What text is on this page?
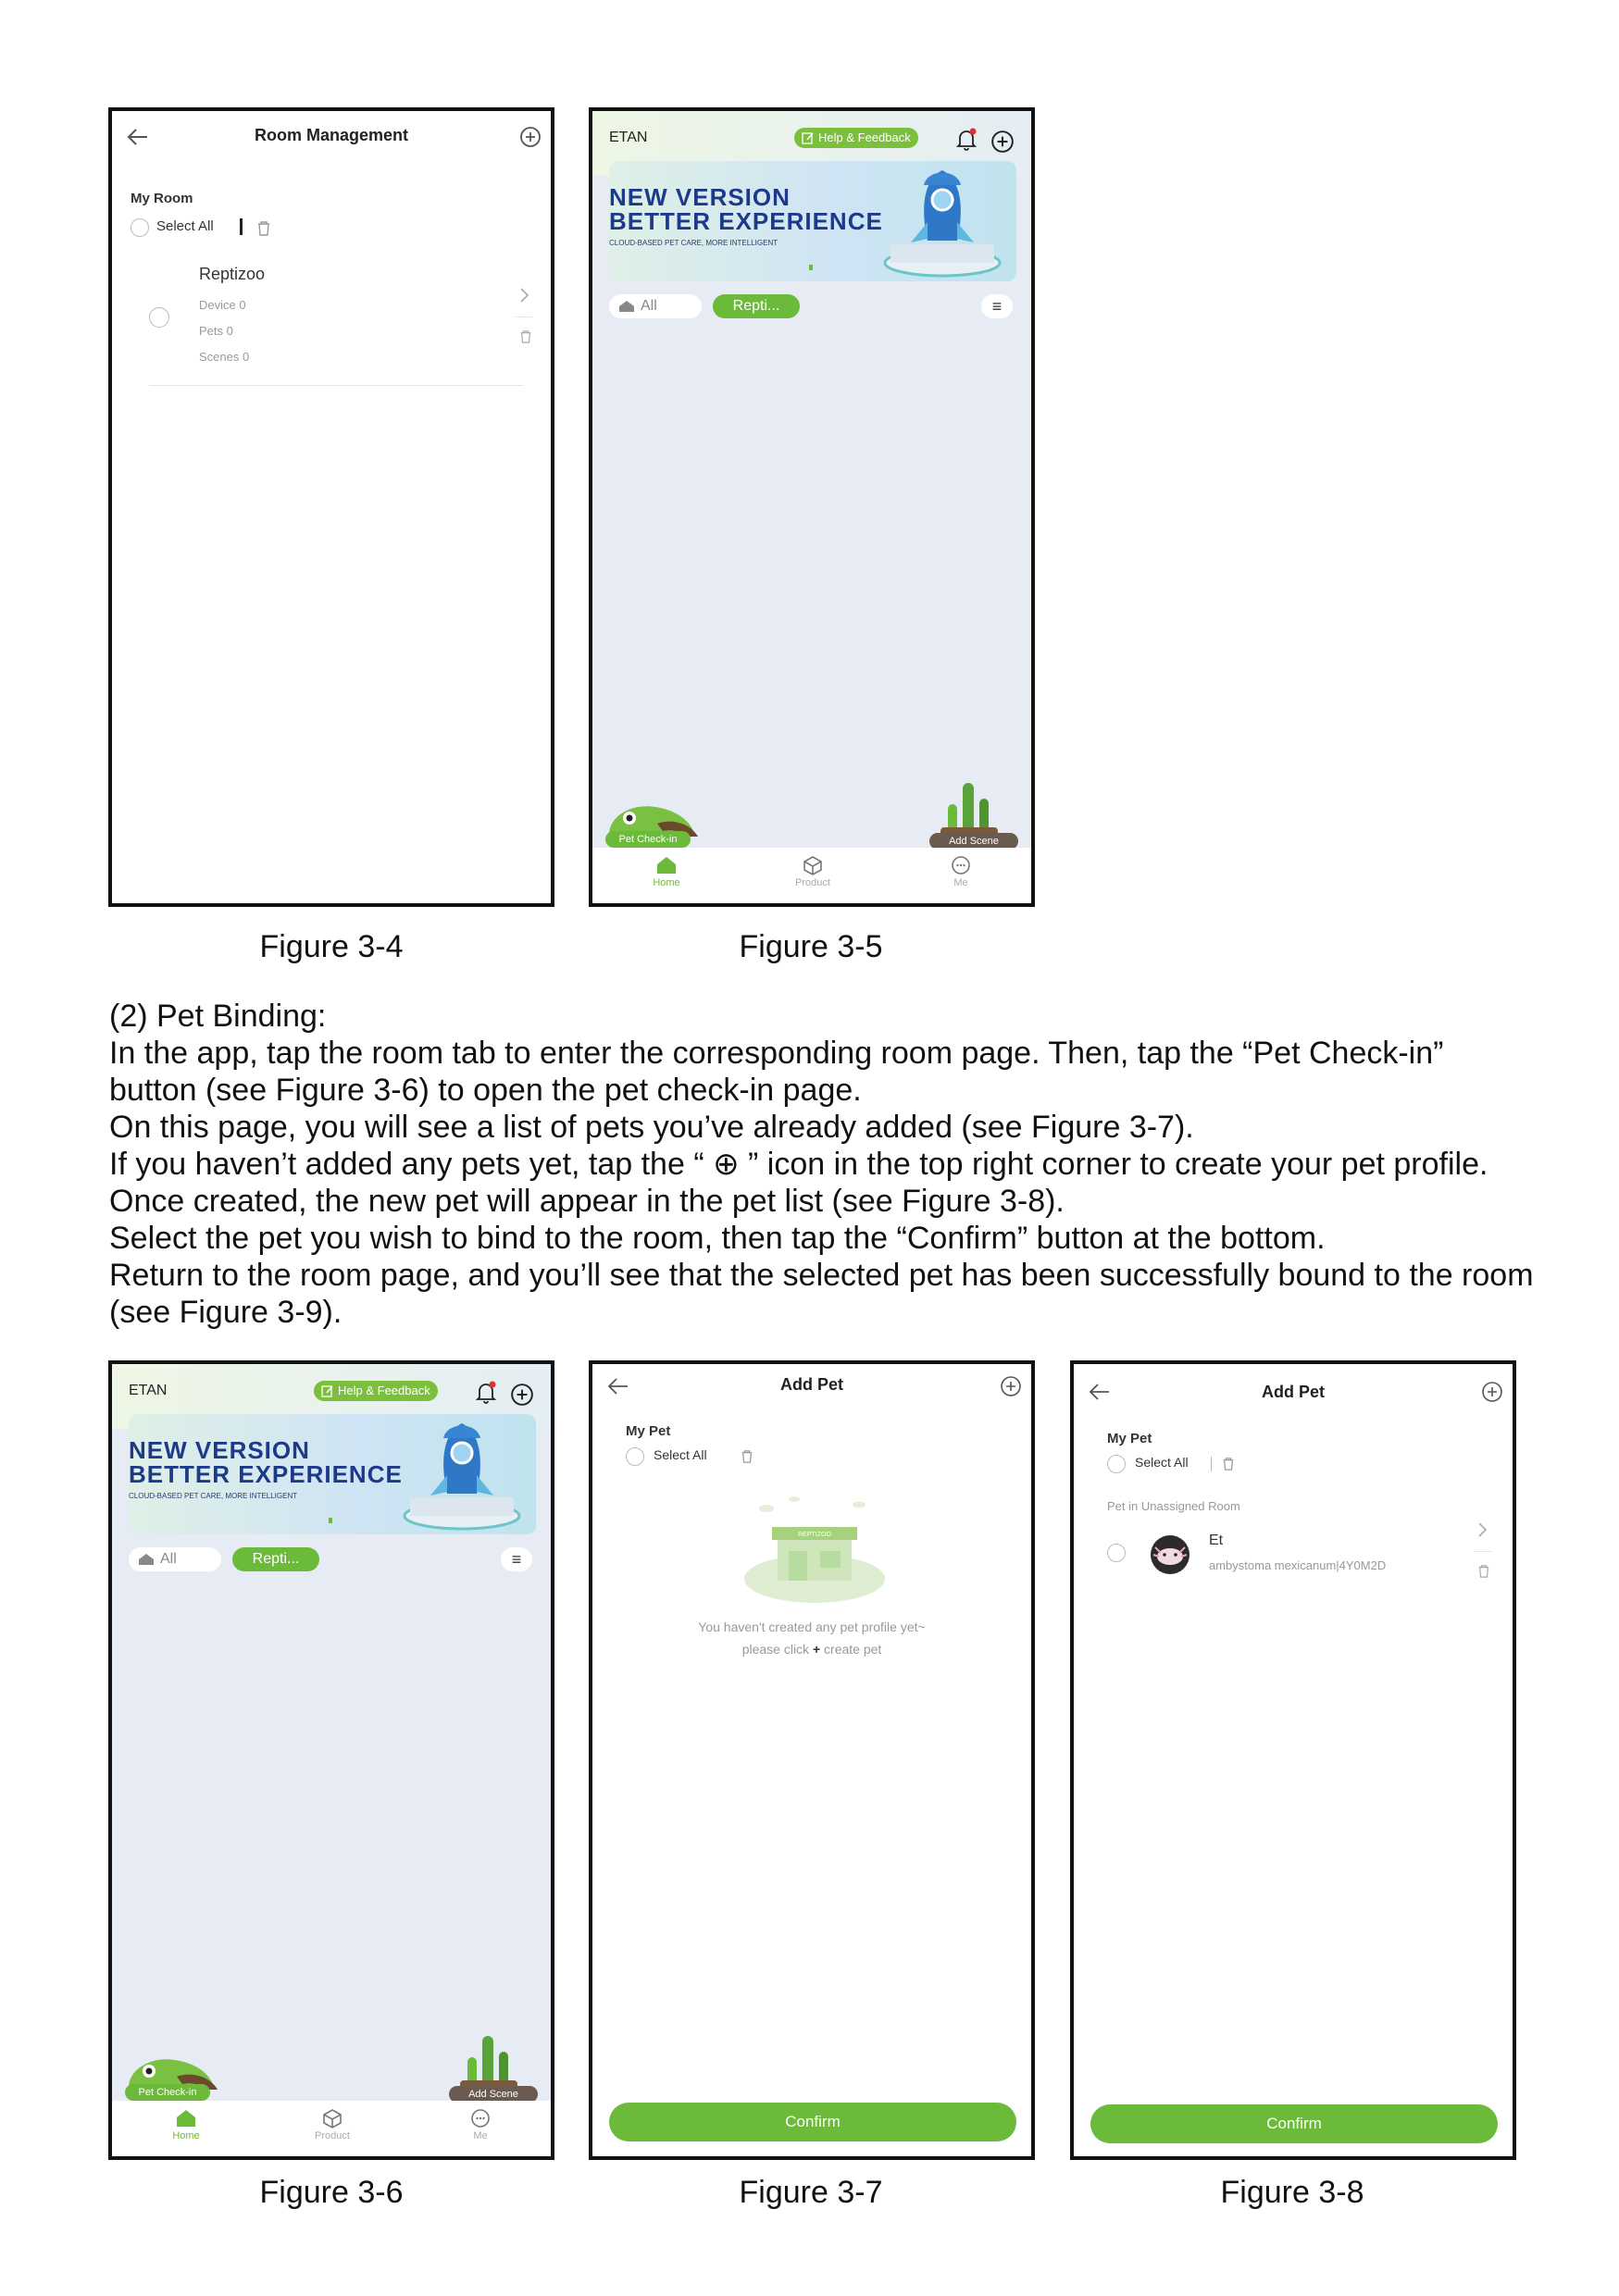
Room Management
My Room
Select All
Reptizoo
Device 0
Pets 0
Scenes 0
Figure 3-4
ETAN	Help & Feedback
NEW VERSION
BETTER EXPERIENCE
CLOUD-BASED PET CARE, MORE INTELLIGENT
All	Repti...	≡
Pet Check-in	Add Scene
Home	Product	Me
Figure 3-5

(2) Pet Binding:

In the app, tap the room tab to enter the corresponding room page. Then, tap the “Pet Check-in”

button (see Figure 3-6) to open the pet check-in page.

On this page, you will see a list of pets you’ve already added (see Figure 3-7).

If you haven’t added any pets yet, tap the “ ⊕ ” icon in the top right corner to create your pet profile.

Once created, the new pet will appear in the pet list (see Figure 3-8).

Select the pet you wish to bind to the room, then tap the “Confirm” button at the bottom.

Return to the room page, and you’ll see that the selected pet has been successfully bound to the room

(see Figure 3-9).

ETAN	Help & Feedback
NEW VERSION
BETTER EXPERIENCE
CLOUD-BASED PET CARE, MORE INTELLIGENT
All	Repti...	≡
Pet Check-in	Add Scene
Home	Product	Me
Figure 3-6
Add Pet
My Pet
Select All
REPTIZOO
You haven't created any pet profile yet~
please click + create pet
Confirm
Figure 3-7
Add Pet
My Pet
Select All
Pet in Unassigned Room
Et
ambystoma mexicanum|4Y0M2D
Confirm
Figure 3-8
